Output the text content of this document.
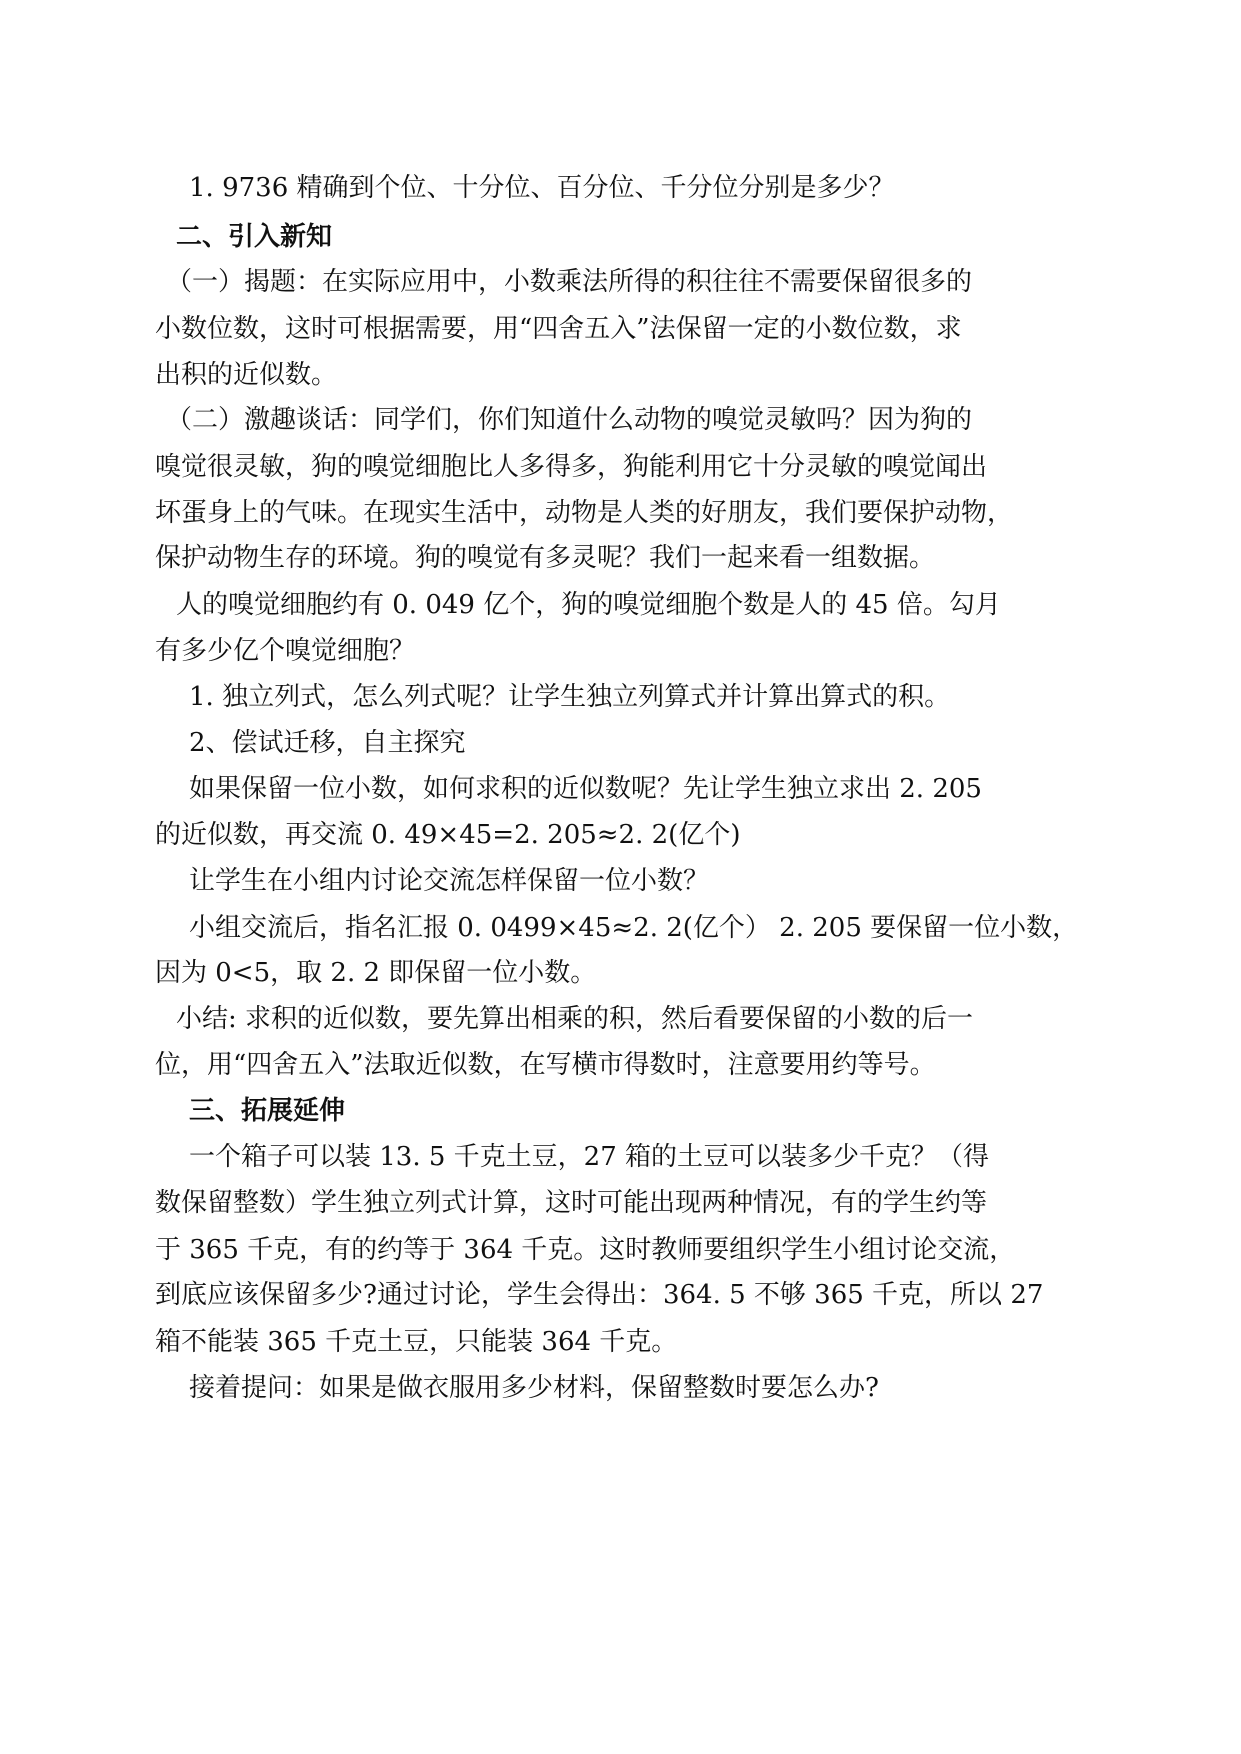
1. 9736 精确到个位、十分位、百分位、千分位分别是多少？
二、引入新知
（一）揭题：在实际应用中，小数乘法所得的积往往不需要保留很多的
小数位数，这时可根据需要，用“四舍五入”法保留一定的小数位数，求
出积的近似数。
（二）激趣谈话：同学们，你们知道什么动物的嗅觉灵敏吗？因为狗的
嗅觉很灵敏，狗的嗅觉细胞比人多得多，狗能利用它十分灵敏的嗅觉闻出
坏蛋身上的气味。在现实生活中，动物是人类的好朋友，我们要保护动物，
保护动物生存的环境。狗的嗅觉有多灵呢？我们一起来看一组数据。
人的嗅觉细胞约有 0. 049 亿个，狗的嗅觉细胞个数是人的 45 倍。勾月
有多少亿个嗅觉细胞？
1. 独立列式，怎么列式呢？让学生独立列算式并计算出算式的积。
2、偿试迁移，自主探究
如果保留一位小数，如何求积的近似数呢？先让学生独立求出 2. 205
的近似数，再交流 0. 49×45=2. 205≈2. 2(亿个)
让学生在小组内讨论交流怎样保留一位小数？
小组交流后，指名汇报 0. 0499×45≈2. 2(亿个） 2. 205 要保留一位小数，
因为 0<5，取 2. 2 即保留一位小数。
小结: 求积的近似数，要先算出相乘的积，然后看要保留的小数的后一
位，用“四舍五入”法取近似数，在写横市得数时，注意要用约等号。
三、拓展延伸
一个箱子可以装 13. 5 千克土豆，27 箱的土豆可以装多少千克？（得
数保留整数）学生独立列式计算，这时可能出现两种情况，有的学生约等
于 365 千克，有的约等于 364 千克。这时教师要组织学生小组讨论交流，
到底应该保留多少?通过讨论，学生会得出：364. 5 不够 365 千克，所以 27
箱不能装 365 千克土豆，只能装 364 千克。
接着提问：如果是做衣服用多少材料，保留整数时要怎么办?
